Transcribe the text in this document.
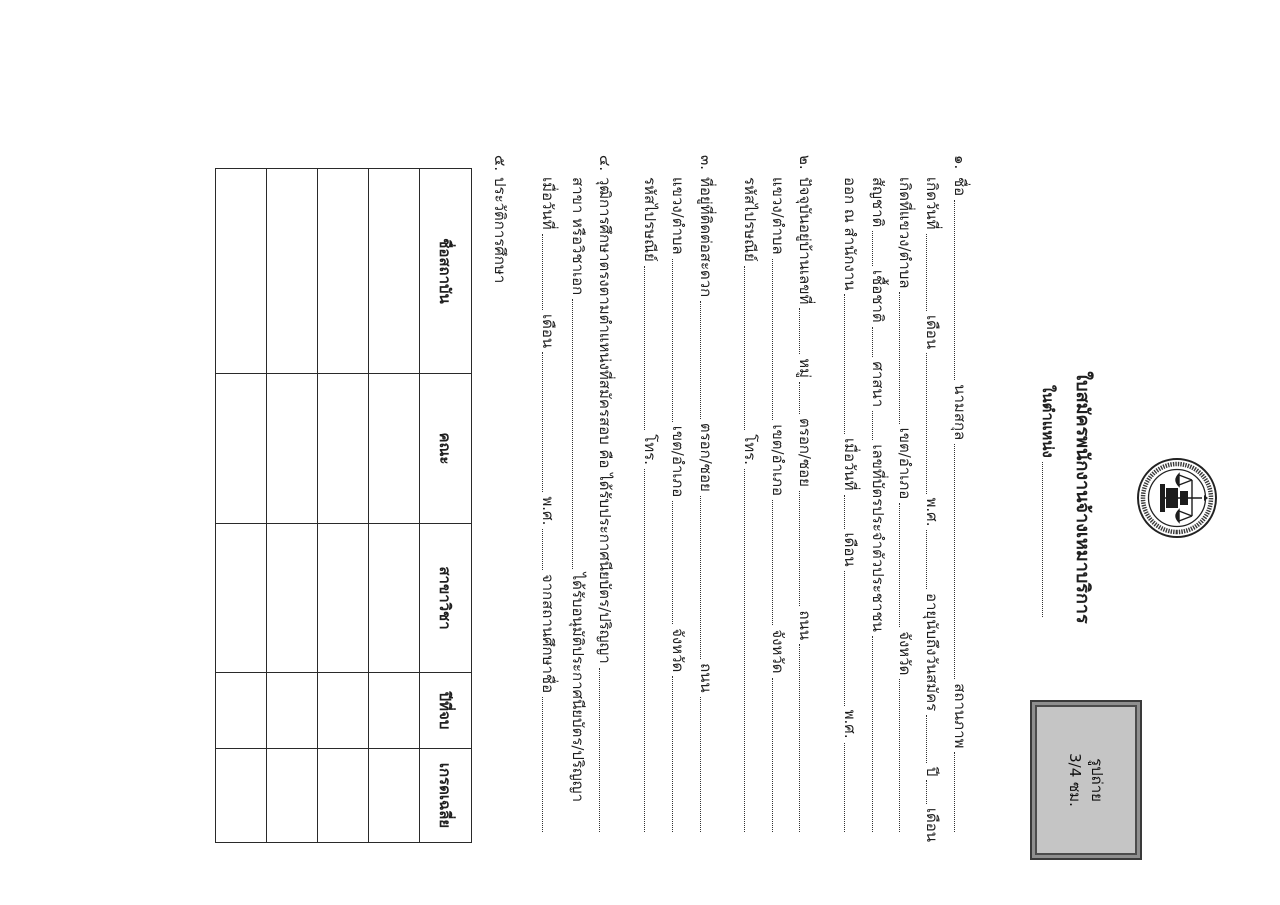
ใบสมัครพนักงานจ้างเหมาบริการ
ในตำแหน่ง
รูปถ่าย
3/4 ซม.
๑.
ชื่อ
นามสกุล
สถานภาพ
เกิดวันที่
เดือน
พ.ศ.
อายุนับถึงวันสมัคร
ปี
เดือน
เกิดที่แขวง/ตำบล
เขต/อำเภอ
จังหวัด
สัญชาติ
เชื้อชาติ
ศาสนา
เลขที่บัตรประจำตัวประชาชน
ออก ณ สำนักงาน
เมื่อวันที่
เดือน
พ.ศ.
๒.
ปัจจุบันอยู่บ้านเลขที่
หมู่
ตรอก/ซอย
ถนน
แขวง/ตำบล
เขต/อำเภอ
จังหวัด
รหัสไปรษณีย์
โทร.
๓.
ที่อยู่ที่ติดต่อสะดวก
ตรอก/ซอย
ถนน
แขวง/ตำบล
เขต/อำเภอ
จังหวัด
รหัสไปรษณีย์
โทร.
๔.
วุฒิการศึกษาตรงตามตำแหน่งที่สมัครสอบ คือ ได้รับประกาศนียบัตร/ปริญญา
สาขา หรือวิชาเอก
ได้รับอนุมัติประกาศนียบัตร/ปริญญา
เมื่อวันที่
เดือน
พ.ศ.
จากสถานศึกษาชื่อ
๕.
ประวัติการศึกษา
ชื่อสถาบัน	คณะ	สาขาวิชา	ปีที่จบ	เกรดเฉลี่ย
